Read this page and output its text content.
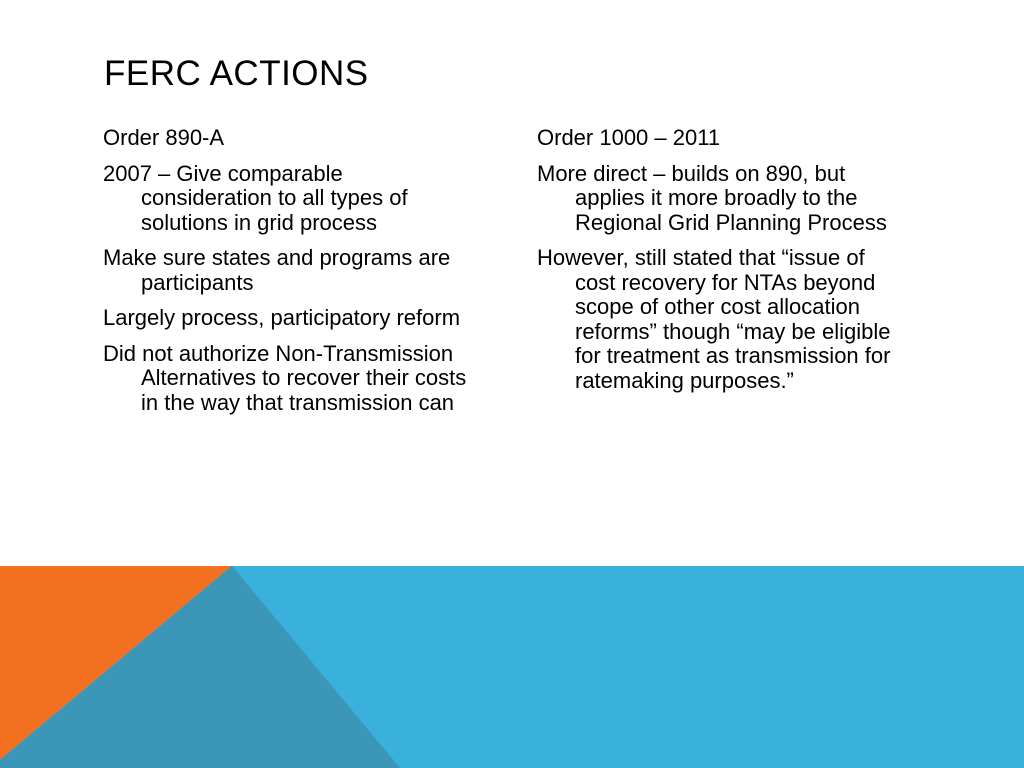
FERC ACTIONS
Order 890-A
2007 – Give comparable consideration to all types of solutions in grid process
Make sure states and programs are participants
Largely process, participatory reform
Did not authorize Non-Transmission Alternatives to recover their costs in the way that transmission can
Order 1000 – 2011
More direct – builds on 890, but applies it more broadly to the Regional Grid Planning Process
However, still stated that “issue of cost recovery for NTAs beyond scope of other cost allocation reforms” though “may be eligible for treatment as transmission for ratemaking purposes.”
